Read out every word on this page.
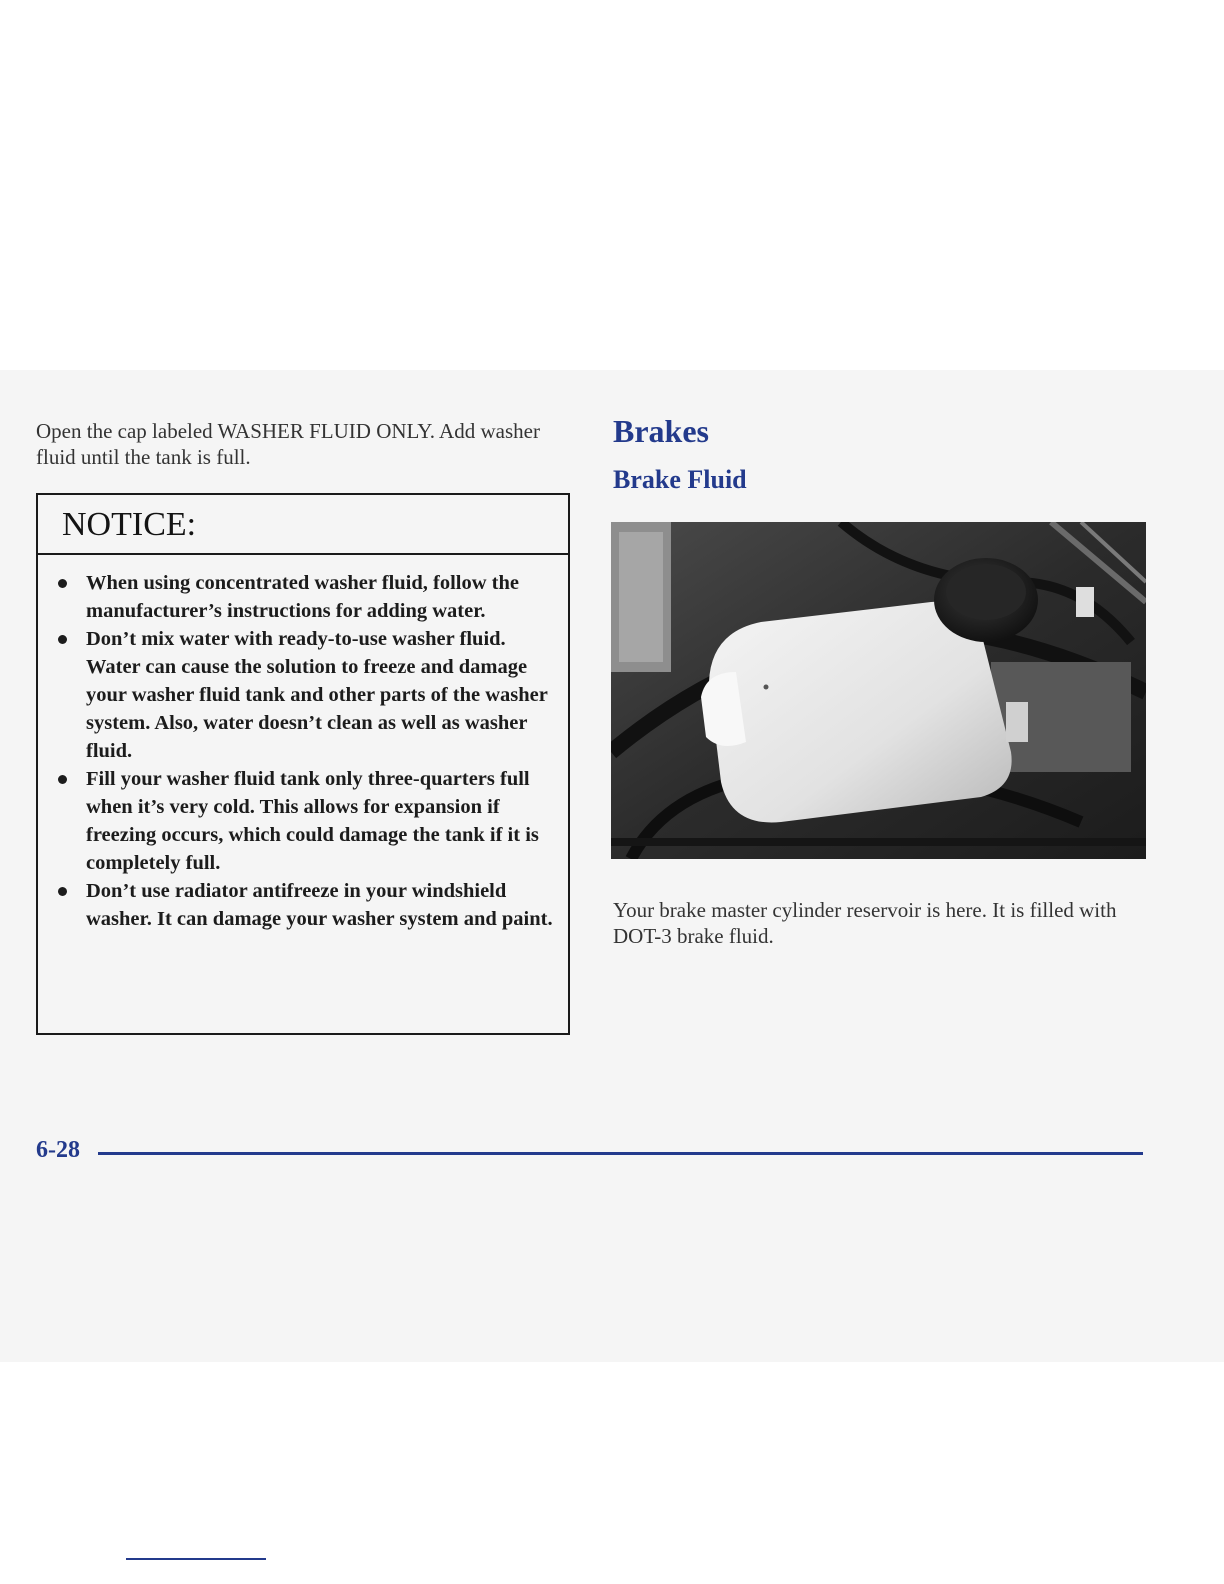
Open the cap labeled WASHER FLUID ONLY. Add washer fluid until the tank is full.

NOTICE:
When using concentrated washer fluid, follow the manufacturer’s instructions for adding water.
Don’t mix water with ready-to-use washer fluid. Water can cause the solution to freeze and damage your washer fluid tank and other parts of the washer system. Also, water doesn’t clean as well as washer fluid.
Fill your washer fluid tank only three-quarters full when it’s very cold. This allows for expansion if freezing occurs, which could damage the tank if it is completely full.
Don’t use radiator antifreeze in your windshield washer. It can damage your washer system and paint.
Brakes
Brake Fluid

Your brake master cylinder reservoir is here. It is filled with DOT-3 brake fluid.

6-28
